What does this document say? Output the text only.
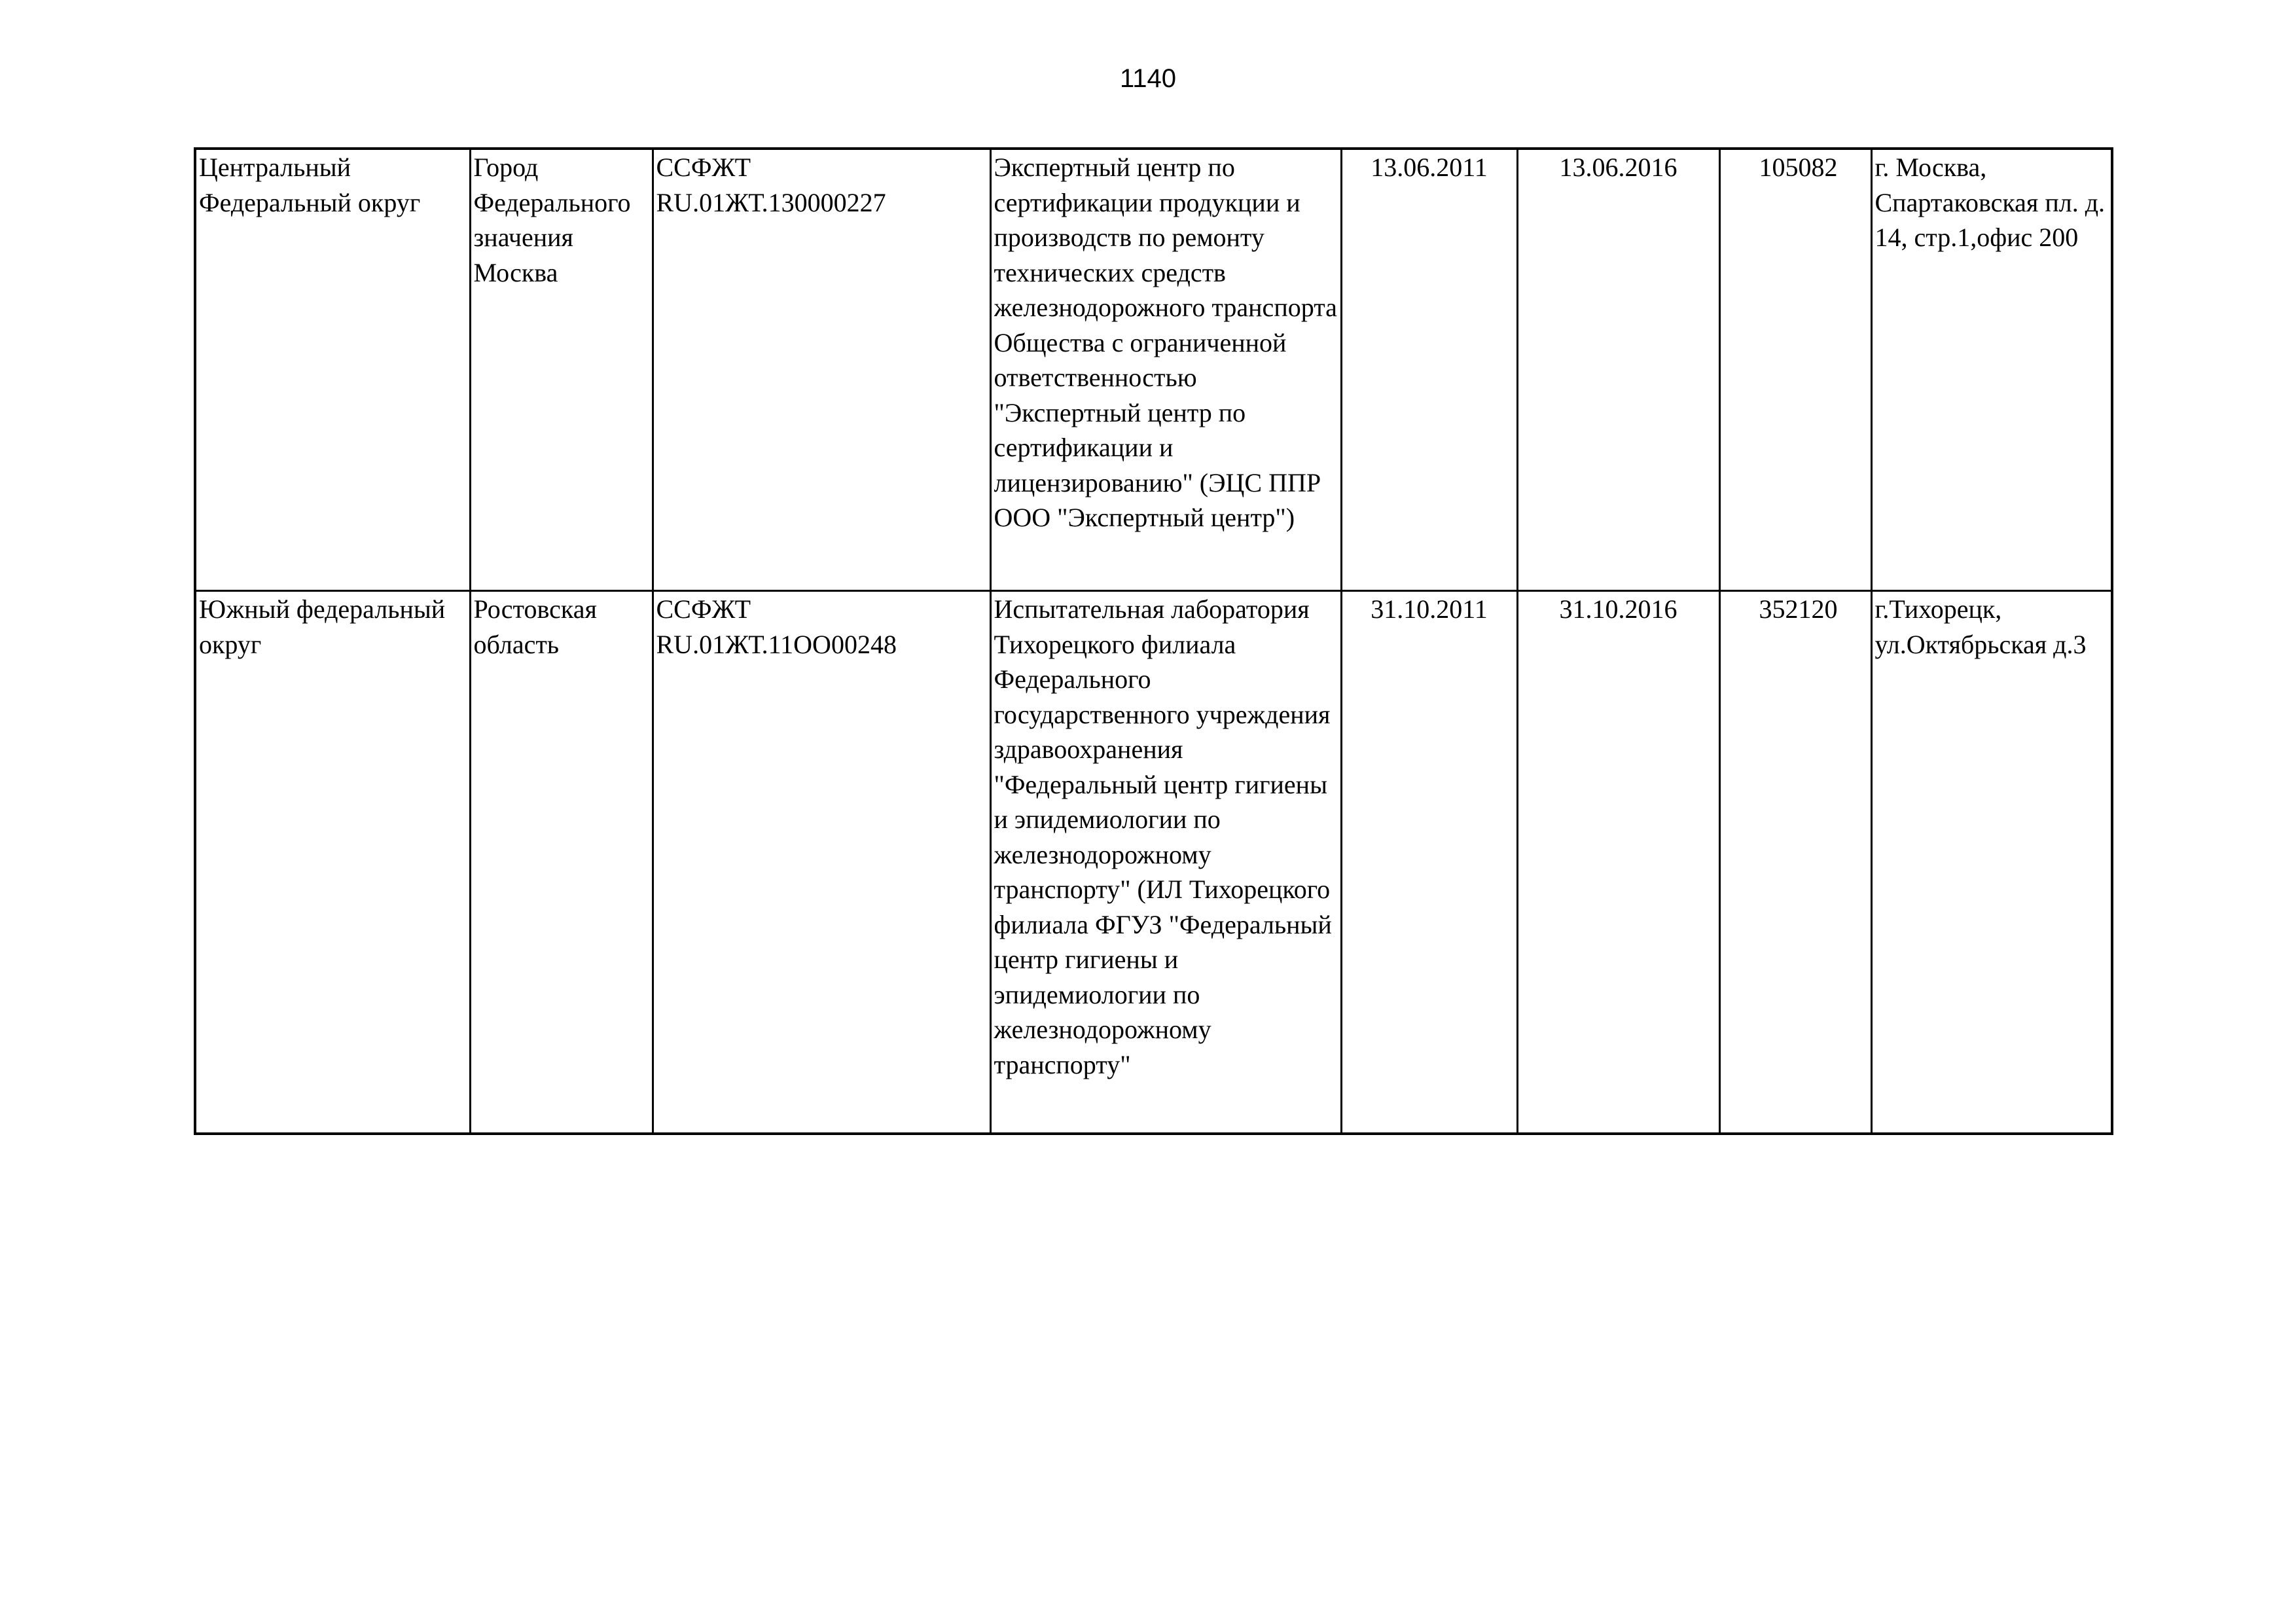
1140
Центральный Федеральный округ	Город Федерального значения Москва	ССФЖТ RU.01ЖТ.130000227	Экспертный центр по сертификации продукции и производств по ремонту технических средств железнодорожного транспорта Общества с ограниченной ответственностью "Экспертный центр по сертификации и лицензированию" (ЭЦС ППР ООО "Экспертный центр")	13.06.2011	13.06.2016	105082	г. Москва, Спартаковская пл. д. 14, стр.1,офис 200

Южный федеральный округ	Ростовская область	ССФЖТ RU.01ЖТ.11ОО00248	Испытательная лаборатория Тихорецкого филиала Федерального государственного учреждения здравоохранения "Федеральный центр гигиены и эпидемиологии по железнодорожному транспорту" (ИЛ Тихорецкого филиала ФГУЗ "Федеральный центр гигиены и эпидемиологии по железнодорожному транспорту"	31.10.2011	31.10.2016	352120	г.Тихорецк, ул.Октябрьская д.3
